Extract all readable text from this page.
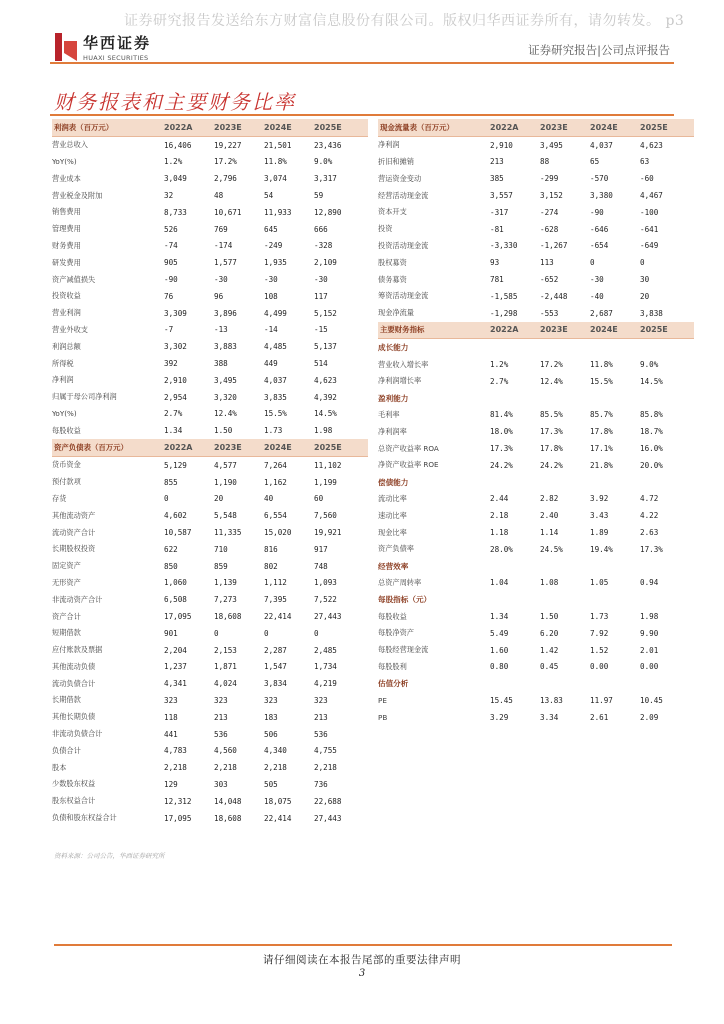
证券研究报告发送给东方财富信息股份有限公司。版权归华西证券所有，请勿转发。 p3
华西证券
HUAXI SECURITIES
证券研究报告|公司点评报告
财务报表和主要财务比率
利润表（百万元）	2022A	2023E	2024E	2025E
营业总收入	16,406	19,227	21,501	23,436
YoY(%)	1.2%	17.2%	11.8%	9.0%
营业成本	3,049	2,796	3,074	3,317
营业税金及附加	32	48	54	59
销售费用	8,733	10,671	11,933	12,890
管理费用	526	769	645	666
财务费用	-74	-174	-249	-328
研发费用	905	1,577	1,935	2,109
资产减值损失	-90	-30	-30	-30
投资收益	76	96	108	117
营业利润	3,309	3,896	4,499	5,152
营业外收支	-7	-13	-14	-15
利润总额	3,302	3,883	4,485	5,137
所得税	392	388	449	514
净利润	2,910	3,495	4,037	4,623
归属于母公司净利润	2,954	3,320	3,835	4,392
YoY(%)	2.7%	12.4%	15.5%	14.5%
每股收益	1.34	1.50	1.73	1.98
资产负债表（百万元）	2022A	2023E	2024E	2025E
货币资金	5,129	4,577	7,264	11,102
预付款项	855	1,190	1,162	1,199
存货	0	20	40	60
其他流动资产	4,602	5,548	6,554	7,560
流动资产合计	10,587	11,335	15,020	19,921
长期股权投资	622	710	816	917
固定资产	850	859	802	748
无形资产	1,060	1,139	1,112	1,093
非流动资产合计	6,508	7,273	7,395	7,522
资产合计	17,095	18,608	22,414	27,443
短期借款	901	0	0	0
应付账款及票据	2,204	2,153	2,287	2,485
其他流动负债	1,237	1,871	1,547	1,734
流动负债合计	4,341	4,024	3,834	4,219
长期借款	323	323	323	323
其他长期负债	118	213	183	213
非流动负债合计	441	536	506	536
负债合计	4,783	4,560	4,340	4,755
股本	2,218	2,218	2,218	2,218
少数股东权益	129	303	505	736
股东权益合计	12,312	14,048	18,075	22,688
负债和股东权益合计	17,095	18,608	22,414	27,443
现金流量表（百万元）	2022A	2023E	2024E	2025E
净利润	2,910	3,495	4,037	4,623
折旧和摊销	213	88	65	63
营运资金变动	385	-299	-570	-60
经营活动现金流	3,557	3,152	3,380	4,467
资本开支	-317	-274	-90	-100
投资	-81	-628	-646	-641
投资活动现金流	-3,330	-1,267	-654	-649
股权募资	93	113	0	0
债务募资	781	-652	-30	30
筹资活动现金流	-1,585	-2,448	-40	20
现金净流量	-1,298	-553	2,687	3,838
主要财务指标	2022A	2023E	2024E	2025E
成长能力
营业收入增长率	1.2%	17.2%	11.8%	9.0%
净利润增长率	2.7%	12.4%	15.5%	14.5%
盈利能力
毛利率	81.4%	85.5%	85.7%	85.8%
净利润率	18.0%	17.3%	17.8%	18.7%
总资产收益率 ROA	17.3%	17.8%	17.1%	16.0%
净资产收益率 ROE	24.2%	24.2%	21.8%	20.0%
偿债能力
流动比率	2.44	2.82	3.92	4.72
速动比率	2.18	2.40	3.43	4.22
现金比率	1.18	1.14	1.89	2.63
资产负债率	28.0%	24.5%	19.4%	17.3%
经营效率
总资产周转率	1.04	1.08	1.05	0.94
每股指标（元）
每股收益	1.34	1.50	1.73	1.98
每股净资产	5.49	6.20	7.92	9.90
每股经营现金流	1.60	1.42	1.52	2.01
每股股利	0.80	0.45	0.00	0.00
估值分析
PE	15.45	13.83	11.97	10.45
PB	3.29	3.34	2.61	2.09
资料来源：公司公告，华西证券研究所
请仔细阅读在本报告尾部的重要法律声明
3
